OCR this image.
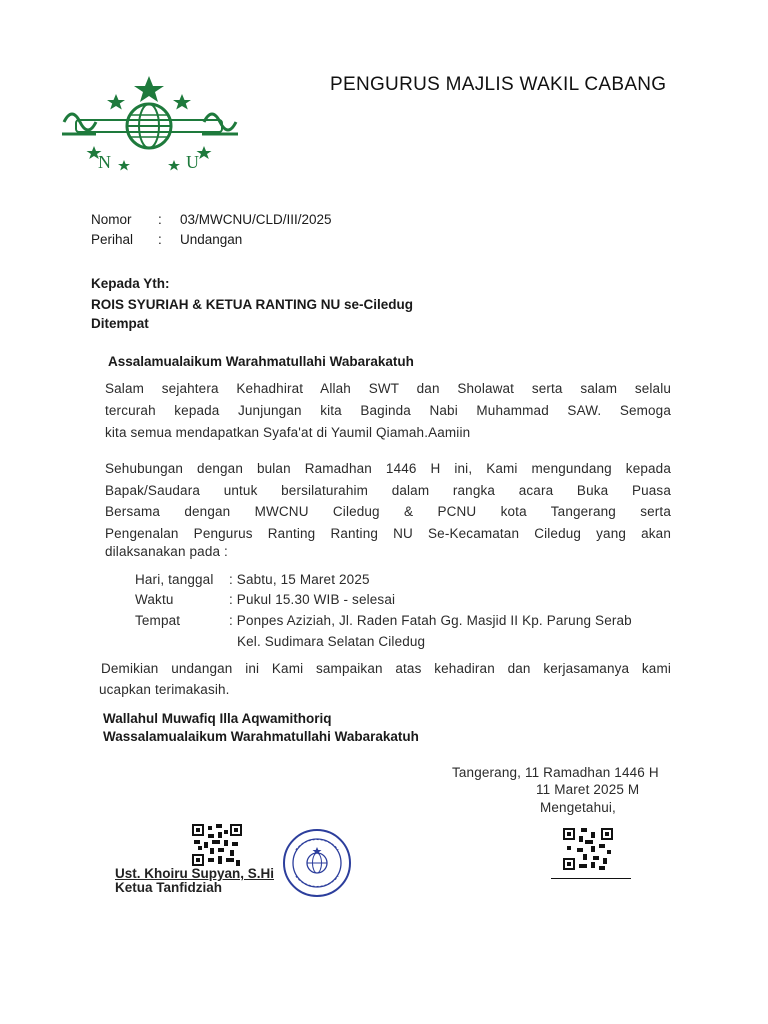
N	U
PENGURUS MAJLIS WAKIL CABANG
Nomor : 03/MWCNU/CLD/III/2025
Perihal : Undangan
Kepada Yth:
ROIS SYURIAH & KETUA RANTING NU se-Ciledug
Ditempat
Assalamualaikum Warahmatullahi Wabarakatuh
Salam sejahtera Kehadhirat Allah SWT dan Sholawat serta salam selalu
tercurah kepada Junjungan kita Baginda Nabi Muhammad SAW. Semoga
kita semua mendapatkan Syafa'at di Yaumil Qiamah.Aamiin
Sehubungan dengan bulan Ramadhan 1446 H ini, Kami mengundang kepada
Bapak/Saudara untuk bersilaturahim dalam rangka acara Buka Puasa
Bersama dengan MWCNU Ciledug & PCNU kota Tangerang serta
Pengenalan Pengurus Ranting Ranting NU Se-Kecamatan Ciledug yang akan
dilaksanakan pada :
Hari, tanggal : Sabtu, 15 Maret 2025
Waktu	: Pukul 15.30 WIB - selesai
Tempat	: Ponpes Aziziah, Jl. Raden Fatah Gg. Masjid II Kp. Parung Serab
Kel. Sudimara Selatan Ciledug
Demikian undangan ini Kami sampaikan atas kehadiran dan kerjasamanya kami
ucapkan terimakasih.
Wallahul Muwafiq Illa Aqwamithoriq
Wassalamualaikum Warahmatullahi Wabarakatuh
Tangerang, 11 Ramadhan 1446 H
11 Maret 2025 M
Mengetahui,
Ust. Khoiru Supyan, S.Hi
Ketua Tanfidziah
